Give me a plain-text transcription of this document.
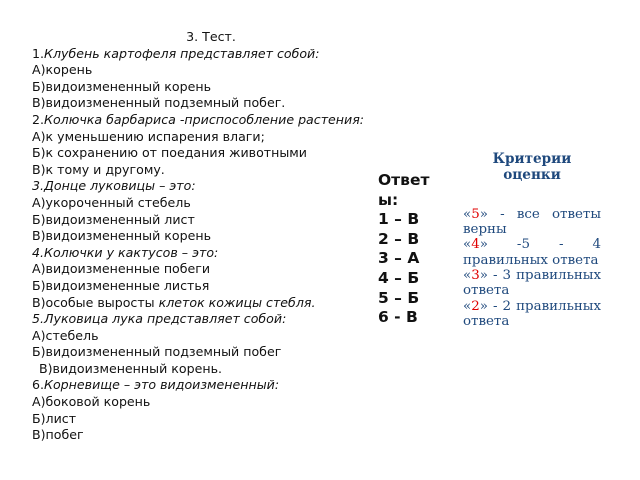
3. Тест.
1.Клубень картофеля представляет собой:
А)корень
Б)видоизмененный корень
В)видоизмененный подземный побег.
2.Колючка барбариса -приспособление растения:
А)к уменьшению испарения влаги;
Б)к сохранению от поедания животными
В)к тому и другому.
3.Донце луковицы – это:
А)укороченный стебель
Б)видоизмененный лист
В)видоизмененный корень
4.Колючки у кактусов – это:
А)видоизмененные побеги
Б)видоизмененные листья
В)особые выросты клеток кожицы стебля.
5.Луковица лука представляет собой:
А)стебель
Б)видоизмененный подземный побег
В)видоизмененный корень.
6.Корневище – это видоизмененный:
А)боковой корень
Б)лист
В)побег
Ответы:
1 – В
2 – В
3 – А
4 – Б
5 – Б
6 - В
Критерии оценки
«5» - все ответы верны
«4» -5 - 4 правильных ответа
«3» - 3 правильных ответа
«2» - 2 правильных ответа
